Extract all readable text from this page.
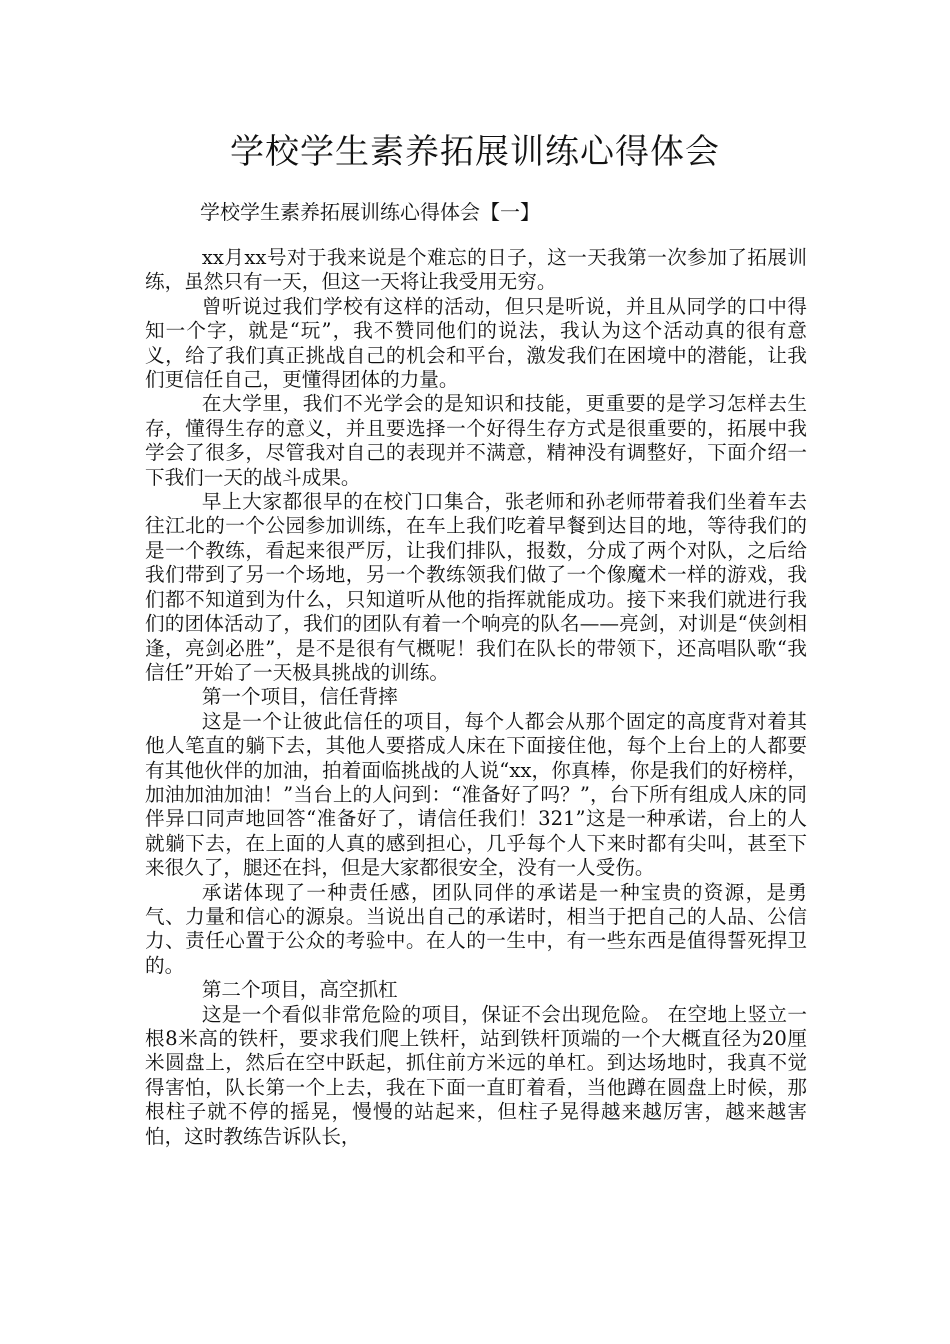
学校学生素养拓展训练心得体会

学校学生素养拓展训练心得体会【一】

xx月xx号对于我来说是个难忘的日子，这一天我第一次参加了拓展训练，虽然只有一天，但这一天将让我受用无穷。

曾听说过我们学校有这样的活动，但只是听说，并且从同学的口中得知一个字，就是“玩”，我不赞同他们的说法，我认为这个活动真的很有意义，给了我们真正挑战自己的机会和平台，激发我们在困境中的潜能，让我们更信任自己，更懂得团体的力量。

在大学里，我们不光学会的是知识和技能，更重要的是学习怎样去生存，懂得生存的意义，并且要选择一个好得生存方式是很重要的，拓展中我学会了很多，尽管我对自己的表现并不满意，精神没有调整好，下面介绍一下我们一天的战斗成果。

早上大家都很早的在校门口集合，张老师和孙老师带着我们坐着车去往江北的一个公园参加训练，在车上我们吃着早餐到达目的地，等待我们的是一个教练，看起来很严厉，让我们排队，报数，分成了两个对队，之后给我们带到了另一个场地，另一个教练领我们做了一个像魔术一样的游戏，我们都不知道到为什么，只知道听从他的指挥就能成功。接下来我们就进行我们的团体活动了，我们的团队有着一个响亮的队名——亮剑，对训是“侠剑相逢，亮剑必胜”，是不是很有气概呢！我们在队长的带领下，还高唱队歌“我信任”开始了一天极具挑战的训练。

第一个项目，信任背摔

这是一个让彼此信任的项目，每个人都会从那个固定的高度背对着其他人笔直的躺下去，其他人要搭成人床在下面接住他，每个上台上的人都要有其他伙伴的加油，拍着面临挑战的人说“xx，你真棒，你是我们的好榜样，加油加油加油！”当台上的人问到：“准备好了吗？”，台下所有组成人床的同伴异口同声地回答“准备好了，请信任我们！321”这是一种承诺，台上的人就躺下去，在上面的人真的感到担心，几乎每个人下来时都有尖叫，甚至下来很久了，腿还在抖，但是大家都很安全，没有一人受伤。

承诺体现了一种责任感，团队同伴的承诺是一种宝贵的资源，是勇气、力量和信心的源泉。当说出自己的承诺时，相当于把自己的人品、公信力、责任心置于公众的考验中。在人的一生中，有一些东西是值得誓死捍卫的。

第二个项目，高空抓杠

这是一个看似非常危险的项目，保证不会出现危险。 在空地上竖立一根8米高的铁杆，要求我们爬上铁杆，站到铁杆顶端的一个大概直径为20厘米圆盘上，然后在空中跃起，抓住前方米远的单杠。到达场地时，我真不觉得害怕，队长第一个上去，我在下面一直盯着看，当他蹲在圆盘上时候，那根柱子就不停的摇晃，慢慢的站起来，但柱子晃得越来越厉害，越来越害怕，这时教练告诉队长，
